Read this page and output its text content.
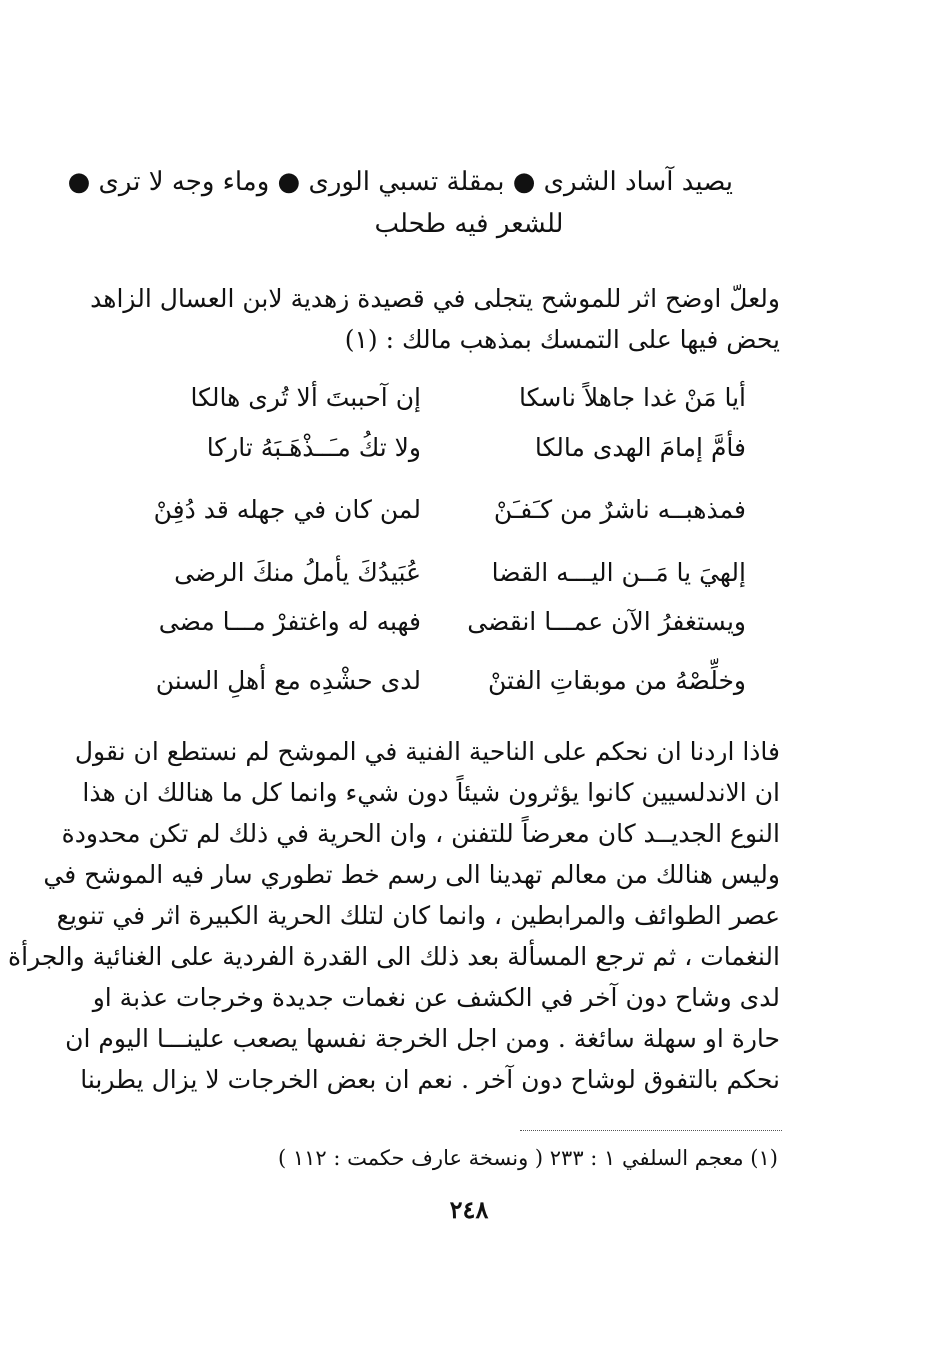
يصيد آساد الشرى ● بمقلة تسبي الورى ● وماء وجه لا ترى ●
للشعر فيه طحلب
ولعلّ اوضح اثر للموشح يتجلى في قصيدة زهدية لابن العسال الزاهد
يحض فيها على التمسك بمذهب مالك : (١)
أيا مَنْ غدا جاهلاً ناسكا
إن آحببتَ ألا تُرى هالكا
فأمَّ إمامَ الهدى مالكا
ولا تكُ مـَــذْهَـبَهُ تاركا
فمذهبــه ناشرٌ من كـَفـَنْ
لمن كان في جهله قد دُفِنْ
إلهيَ يا مَــن اليـــه القضا
عُبَيدُكَ يأملُ منكَ الرضى
ويستغفرُ الآن عمـــا انقضى
فهبه له واغتفرْ مـــا مضى
وخلِّصْهُ من موبقاتِ الفتنْ
لدى حشْدِه مع أهلِ السنن
فاذا اردنا ان نحكم على الناحية الفنية في الموشح لم نستطع ان نقول
ان الاندلسيين كانوا يؤثرون شيئاً دون شيء وانما كل ما هنالك ان هذا
النوع الجديــد كان معرضاً للتفنن ، وان الحرية في ذلك لم تكن محدودة
وليس هنالك من معالم تهدينا الى رسم خط تطوري سار فيه الموشح في
عصر الطوائف والمرابطين ، وانما كان لتلك الحرية الكبيرة اثر في تنويع
النغمات ، ثم ترجع المسألة بعد ذلك الى القدرة الفردية على الغنائية والجرأة
لدى وشاح دون آخر في الكشف عن نغمات جديدة وخرجات عذبة او
حارة او سهلة سائغة . ومن اجل الخرجة نفسها يصعب علينـــا اليوم ان
نحكم بالتفوق لوشاح دون آخر . نعم ان بعض الخرجات لا يزال يطربنا
(١) معجم السلفي ١ : ٢٣٣ ( ونسخة عارف حكمت : ١١٢ )
٢٤٨
